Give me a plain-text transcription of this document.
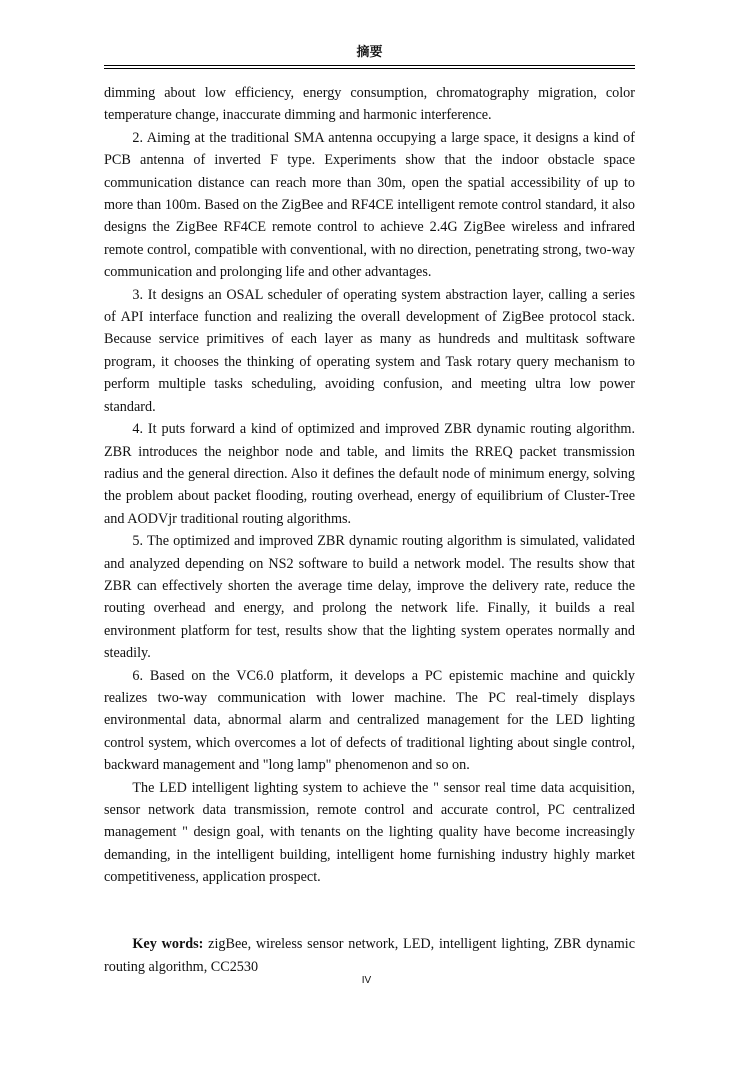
摘要

dimming about low efficiency, energy consumption, chromatography migration, color temperature change, inaccurate dimming and harmonic interference.

2. Aiming at the traditional SMA antenna occupying a large space, it designs a kind of PCB antenna of inverted F type. Experiments show that the indoor obstacle space communication distance can reach more than 30m, open the spatial accessibility of up to more than 100m. Based on the ZigBee and RF4CE intelligent remote control standard, it also designs the ZigBee RF4CE remote control to achieve 2.4G ZigBee wireless and infrared remote control, compatible with conventional, with no direction, penetrating strong, two-way communication and prolonging life and other advantages.

3. It designs an OSAL scheduler of operating system abstraction layer, calling a series of API interface function and realizing the overall development of ZigBee protocol stack. Because service primitives of each layer as many as hundreds and multitask software program, it chooses the thinking of operating system and Task rotary query mechanism to perform multiple tasks scheduling, avoiding confusion, and meeting ultra low power standard.

4. It puts forward a kind of optimized and improved ZBR dynamic routing algorithm. ZBR introduces the neighbor node and table, and limits the RREQ packet transmission radius and the general direction. Also it defines the default node of minimum energy, solving the problem about packet flooding, routing overhead, energy of equilibrium of Cluster-Tree and AODVjr traditional routing algorithms.

5. The optimized and improved ZBR dynamic routing algorithm is simulated, validated and analyzed depending on NS2 software to build a network model. The results show that ZBR can effectively shorten the average time delay, improve the delivery rate, reduce the routing overhead and energy, and prolong the network life. Finally, it builds a real environment platform for test, results show that the lighting system operates normally and steadily.

6. Based on the VC6.0 platform, it develops a PC epistemic machine and quickly realizes two-way communication with lower machine. The PC real-timely displays environmental data, abnormal alarm and centralized management for the LED lighting control system, which overcomes a lot of defects of traditional lighting about single control, backward management and "long lamp" phenomenon and so on.

The LED intelligent lighting system to achieve the " sensor real time data acquisition, sensor network data transmission, remote control and accurate control, PC centralized management " design goal, with tenants on the lighting quality have become increasingly demanding, in the intelligent building, intelligent home furnishing industry highly market competitiveness, application prospect.

Key words: zigBee, wireless sensor network, LED, intelligent lighting, ZBR dynamic routing algorithm, CC2530

IV
